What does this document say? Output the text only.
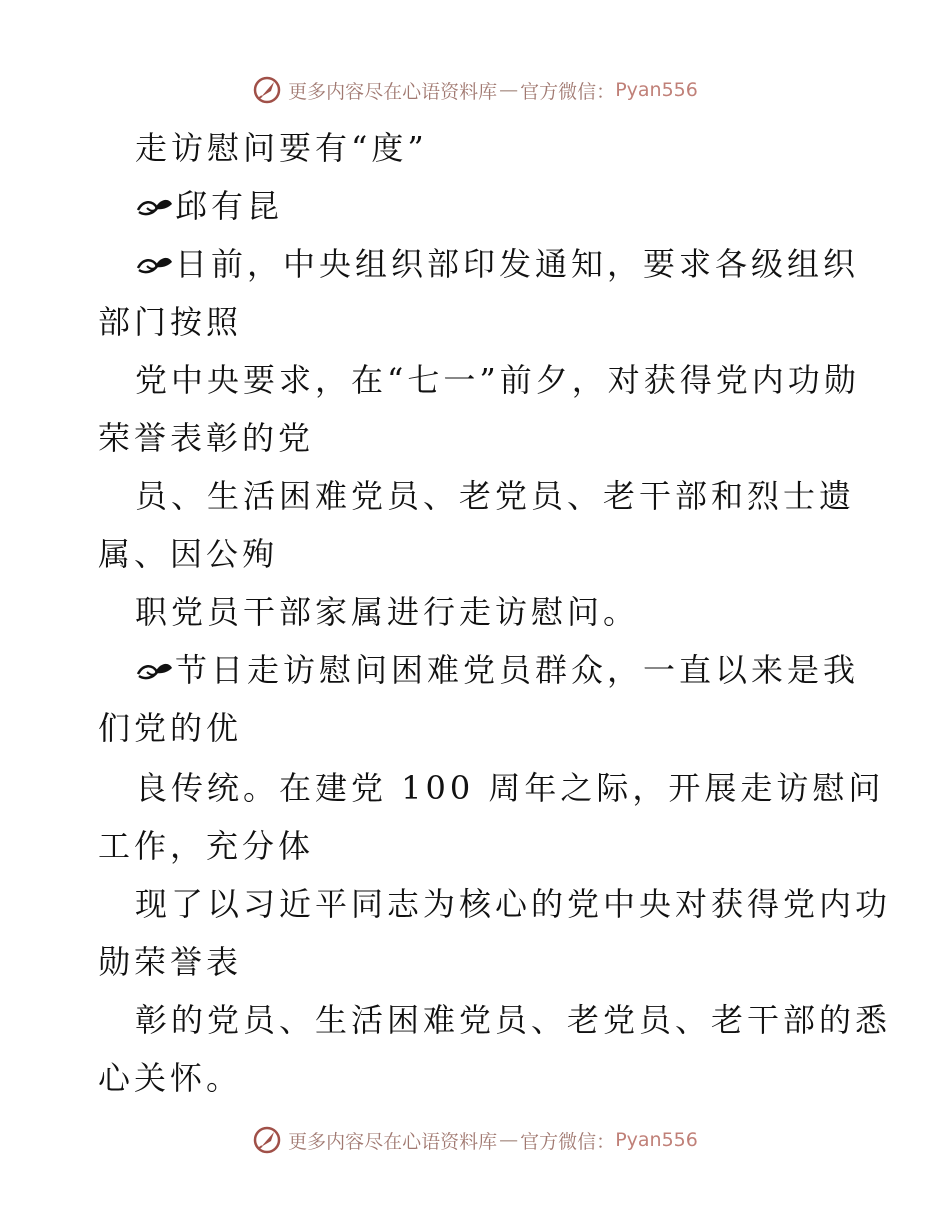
更多内容尽在心语资料库 — 官方微信： Pyan556
走访慰问要有“度”
邱有昆
日前，中央组织部印发通知，要求各级组织
部门按照
党中央要求，在“七一”前夕，对获得党内功勋
荣誉表彰的党
员、生活困难党员、老党员、老干部和烈士遗
属、因公殉
职党员干部家属进行走访慰问。
节日走访慰问困难党员群众，一直以来是我
们党的优
良传统。在建党 100 周年之际，开展走访慰问
工作，充分体
现了以习近平同志为核心的党中央对获得党内功
勋荣誉表
彰的党员、生活困难党员、老党员、老干部的悉
心关怀。
更多内容尽在心语资料库 — 官方微信： Pyan556
